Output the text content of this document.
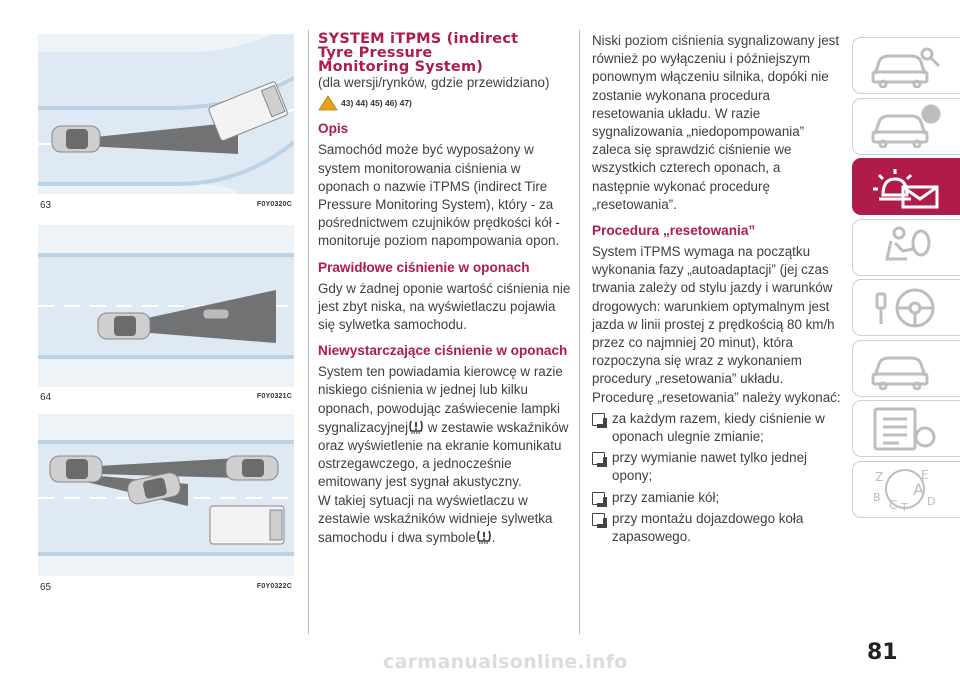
63	F0Y0320C
64	F0Y0321C
65	F0Y0322C
SYSTEM iTPMS (indirect
Tyre Pressure
Monitoring System)

(dla wersji/rynków, gdzie przewidziano)

43) 44) 45) 46) 47)
Opis

Samochód może być wyposażony w system monitorowania ciśnienia w oponach o nazwie iTPMS (indirect Tire Pressure Monitoring System), który - za pośrednictwem czujników prędkości kół - monitoruje poziom napompowania opon.

Prawidłowe ciśnienie w oponach

Gdy w żadnej oponie wartość ciśnienia nie jest zbyt niska, na wyświetlaczu pojawia się sylwetka samochodu.

Niewystarczające ciśnienie w oponach

System ten powiadamia kierowcę w razie niskiego ciśnienia w jednej lub kilku oponach, powodując zaświecenie lampki sygnalizacyjnej w zestawie wskaźników oraz wyświetlenie na ekranie komunikatu ostrzegawczego, a jednocześnie emitowany jest sygnał akustyczny.

W takiej sytuacji na wyświetlaczu w zestawie wskaźników widnieje sylwetka samochodu i dwa symbole .

Niski poziom ciśnienia sygnalizowany jest również po wyłączeniu i późniejszym ponownym włączeniu silnika, dopóki nie zostanie wykonana procedura resetowania układu. W razie sygnalizowania „niedopompowania” zaleca się sprawdzić ciśnienie we wszystkich czterech oponach, a następnie wykonać procedurę „resetowania”.

Procedura „resetowania”

System iTPMS wymaga na początku wykonania fazy „autoadaptacji” (jej czas trwania zależy od stylu jazdy i warunków drogowych: warunkiem optymalnym jest jazda w linii prostej z prędkością 80 km/h przez co najmniej 20 minut), która rozpoczyna się wraz z wykonaniem procedury „resetowania” układu.

Procedurę „resetowania” należy wykonać:

za każdym razem, kiedy ciśnienie w oponach ulegnie zmianie;
przy wymianie nawet tylko jednej opony;
przy zamianie kół;
przy montażu dojazdowego koła zapasowego.
Z	E
A
B	D
C T
81
carmanualsonline.info
